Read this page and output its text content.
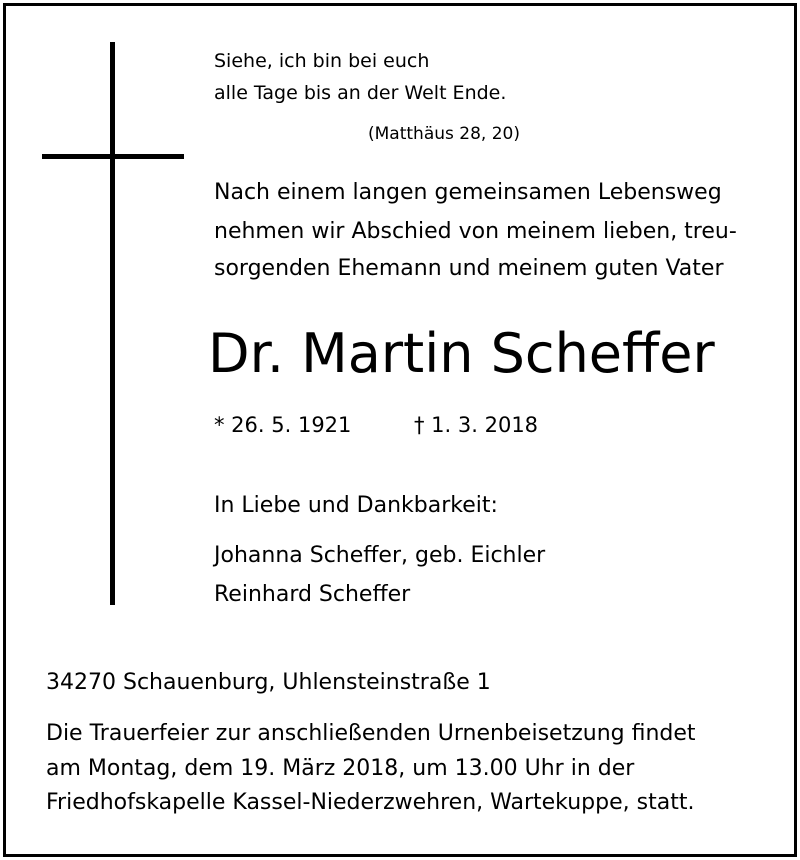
Siehe, ich bin bei euch
alle Tage bis an der Welt Ende.
(Matthäus 28, 20)
Nach einem langen gemeinsamen Lebensweg
nehmen wir Abschied von meinem lieben, treu-
sorgenden Ehemann und meinem guten Vater
Dr. Martin Scheffer
* 26. 5. 1921	† 1. 3. 2018
In Liebe und Dankbarkeit:
Johanna Scheffer, geb. Eichler
Reinhard Scheffer
34270 Schauenburg, Uhlensteinstraße 1
Die Trauerfeier zur anschließenden Urnenbeisetzung findet
am Montag, dem 19. März 2018, um 13.00 Uhr in der
Friedhofskapelle Kassel-Niederzwehren, Wartekuppe, statt.
